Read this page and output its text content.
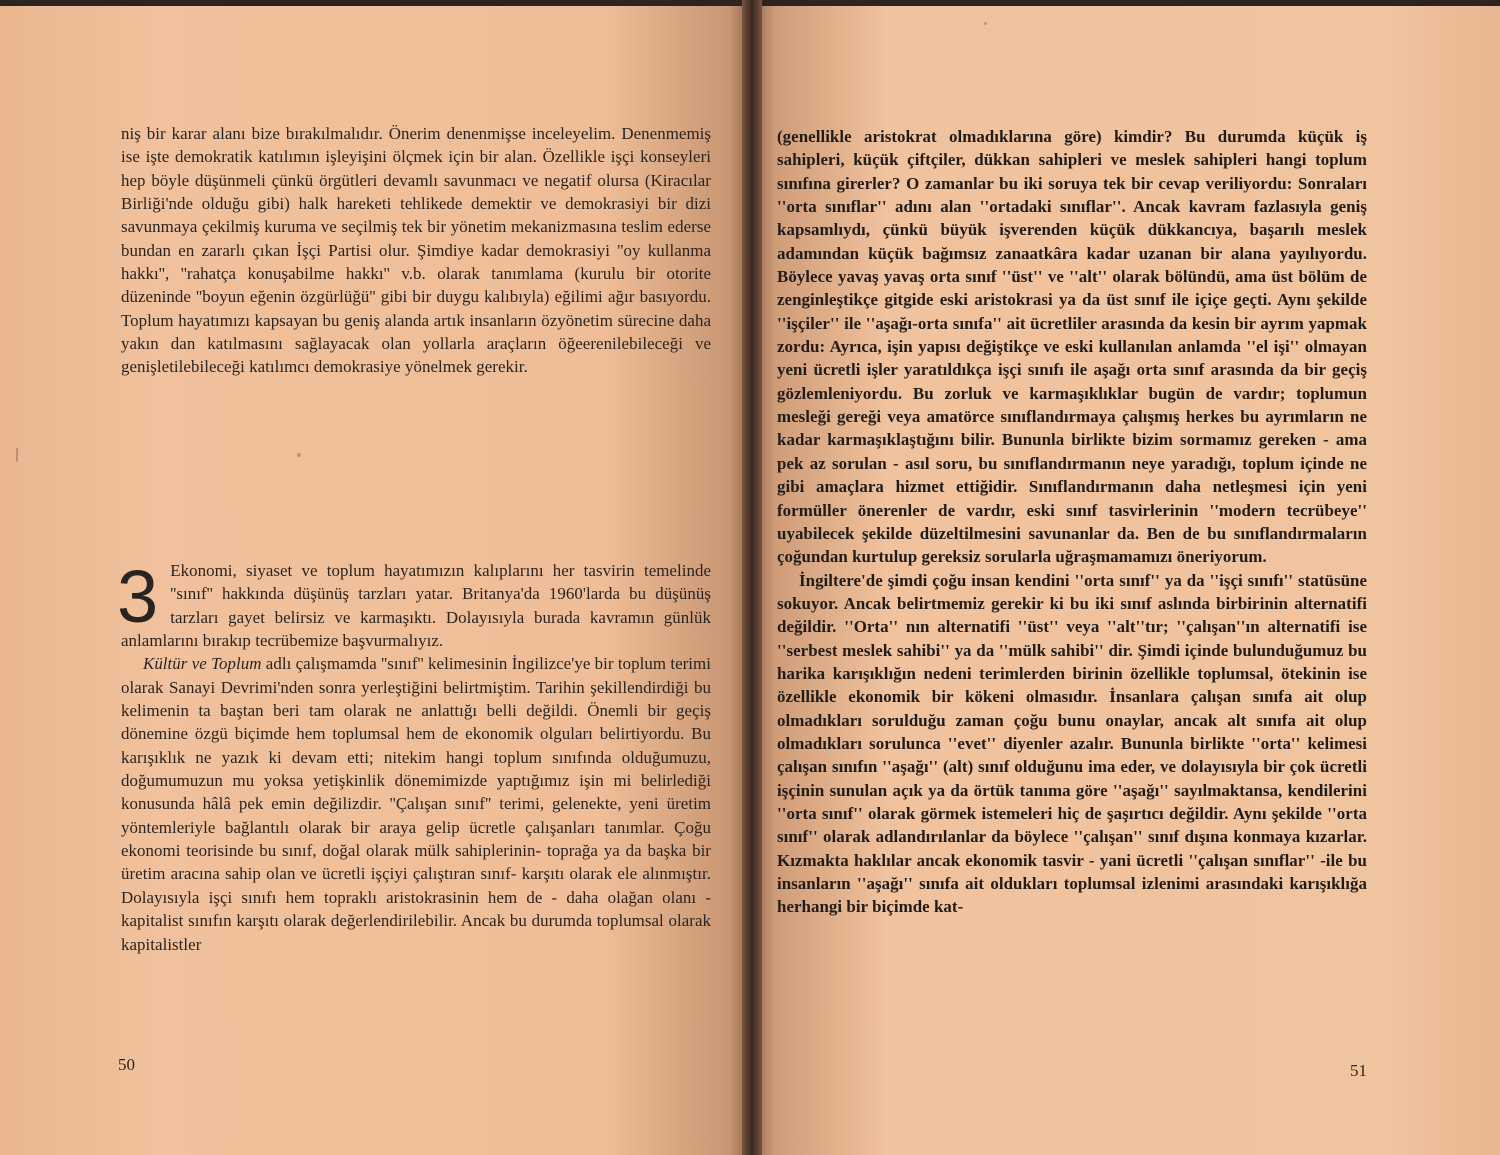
niş bir karar alanı bize bırakılmalıdır. Önerim denenmişse inceleyelim. Denenmemiş ise işte demokratik katılımın işleyişini ölçmek için bir alan. Özellikle işçi konseyleri hep böyle düşünmeli çünkü örgütleri devamlı savunmacı ve negatif olursa (Kiracılar Birliği'nde olduğu gibi) halk hareketi tehlikede demektir ve demokrasiyi bir dizi savunmaya çekilmiş kuruma ve seçilmiş tek bir yönetim mekanizmasına teslim ederse bundan en zararlı çıkan İşçi Partisi olur. Şimdiye kadar demokrasiyi ''oy kullanma hakkı'', ''rahatça konuşabilme hakkı'' v.b. olarak tanımlama (kurulu bir otorite düzeninde ''boyun eğenin özgürlüğü'' gibi bir duygu kalıbıyla) eğilimi ağır basıyordu. Toplum hayatımızı kapsayan bu geniş alanda artık insanların özyönetim sürecine daha yakın dan katılmasını sağlayacak olan yollarla araçların öğeerenilebileceği ve genişletilebileceği katılımcı demokrasiye yönelmek gerekir.

3 Ekonomi, siyaset ve toplum hayatımızın kalıplarını her tasvirin temelinde ''sınıf'' hakkında düşünüş tarzları yatar. Britanya'da 1960'larda bu düşünüş tarzları gayet belirsiz ve karmaşıktı. Dolayısıyla burada kavramın günlük anlamlarını bırakıp tecrübemize başvurmalıyız.

Kültür ve Toplum adlı çalışmamda ''sınıf'' kelimesinin İngilizce'ye bir toplum terimi olarak Sanayi Devrimi'nden sonra yerleştiğini belirtmiştim. Tarihin şekillendirdiği bu kelimenin ta baştan beri tam olarak ne anlattığı belli değildi. Önemli bir geçiş dönemine özgü biçimde hem toplumsal hem de ekonomik olguları belirtiyordu. Bu karışıklık ne yazık ki devam etti; nitekim hangi toplum sınıfında olduğumuzu, doğumumuzun mu yoksa yetişkinlik dönemimizde yaptığımız işin mi belirlediği konusunda hâlâ pek emin değilizdir. ''Çalışan sınıf'' terimi, gelenekte, yeni üretim yöntemleriyle bağlantılı olarak bir araya gelip ücretle çalışanları tanımlar. Çoğu ekonomi teorisinde bu sınıf, doğal olarak mülk sahiplerinin- toprağa ya da başka bir üretim aracına sahip olan ve ücretli işçiyi çalıştıran sınıf- karşıtı olarak ele alınmıştır. Dolayısıyla işçi sınıfı hem topraklı aristokrasinin hem de - daha olağan olanı - kapitalist sınıfın karşıtı olarak değerlendirilebilir. Ancak bu durumda toplumsal olarak kapitalistler

50

(genellikle aristokrat olmadıklarına göre) kimdir? Bu durumda küçük iş sahipleri, küçük çiftçiler, dükkan sahipleri ve meslek sahipleri hangi toplum sınıfına girerler? O zamanlar bu iki soruya tek bir cevap veriliyordu: Sonraları ''orta sınıflar'' adını alan ''ortadaki sınıflar''. Ancak kavram fazlasıyla geniş kapsamlıydı, çünkü büyük işverenden küçük dükkancıya, başarılı meslek adamından küçük bağımsız zanaatkâra kadar uzanan bir alana yayılıyordu. Böylece yavaş yavaş orta sınıf ''üst'' ve ''alt'' olarak bölündü, ama üst bölüm de zenginleştikçe gitgide eski aristokrasi ya da üst sınıf ile içiçe geçti. Aynı şekilde ''işçiler'' ile ''aşağı-orta sınıfa'' ait ücretliler arasında da kesin bir ayrım yapmak zordu: Ayrıca, işin yapısı değiştikçe ve eski kullanılan anlamda ''el işi'' olmayan yeni ücretli işler yaratıldıkça işçi sınıfı ile aşağı orta sınıf arasında da bir geçiş gözlemleniyordu. Bu zorluk ve karmaşıklıklar bugün de vardır; toplumun mesleği gereği veya amatörce sınıflandırmaya çalışmış herkes bu ayrımların ne kadar karmaşıklaştığını bilir. Bununla birlikte bizim sormamız gereken - ama pek az sorulan - asıl soru, bu sınıflandırmanın neye yaradığı, toplum içinde ne gibi amaçlara hizmet ettiğidir. Sınıflandırmanın daha netleşmesi için yeni formüller önerenler de vardır, eski sınıf tasvirlerinin ''modern tecrübeye'' uyabilecek şekilde düzeltilmesini savunanlar da. Ben de bu sınıflandırmaların çoğundan kurtulup gereksiz sorularla uğraşmamamızı öneriyorum.

İngiltere'de şimdi çoğu insan kendini ''orta sınıf'' ya da ''işçi sınıfı'' statüsüne sokuyor. Ancak belirtmemiz gerekir ki bu iki sınıf aslında birbirinin alternatifi değildir. ''Orta'' nın alternatifi ''üst'' veya ''alt''tır; ''çalışan''ın alternatifi ise ''serbest meslek sahibi'' ya da ''mülk sahibi'' dir. Şimdi içinde bulunduğumuz bu harika karışıklığın nedeni terimlerden birinin özellikle toplumsal, ötekinin ise özellikle ekonomik bir kökeni olmasıdır. İnsanlara çalışan sınıfa ait olup olmadıkları sorulduğu zaman çoğu bunu onaylar, ancak alt sınıfa ait olup olmadıkları sorulunca ''evet'' diyenler azalır. Bununla birlikte ''orta'' kelimesi çalışan sınıfın ''aşağı'' (alt) sınıf olduğunu ima eder, ve dolayısıyla bir çok ücretli işçinin sunulan açık ya da örtük tanıma göre ''aşağı'' sayılmaktansa, kendilerini ''orta sınıf'' olarak görmek istemeleri hiç de şaşırtıcı değildir. Aynı şekilde ''orta sınıf'' olarak adlandırılanlar da böylece ''çalışan'' sınıf dışına konmaya kızarlar. Kızmakta haklılar ancak ekonomik tasvir - yani ücretli ''çalışan sınıflar'' -ile bu insanların ''aşağı'' sınıfa ait oldukları toplumsal izlenimi arasındaki karışıklığa herhangi bir biçimde kat-

51
